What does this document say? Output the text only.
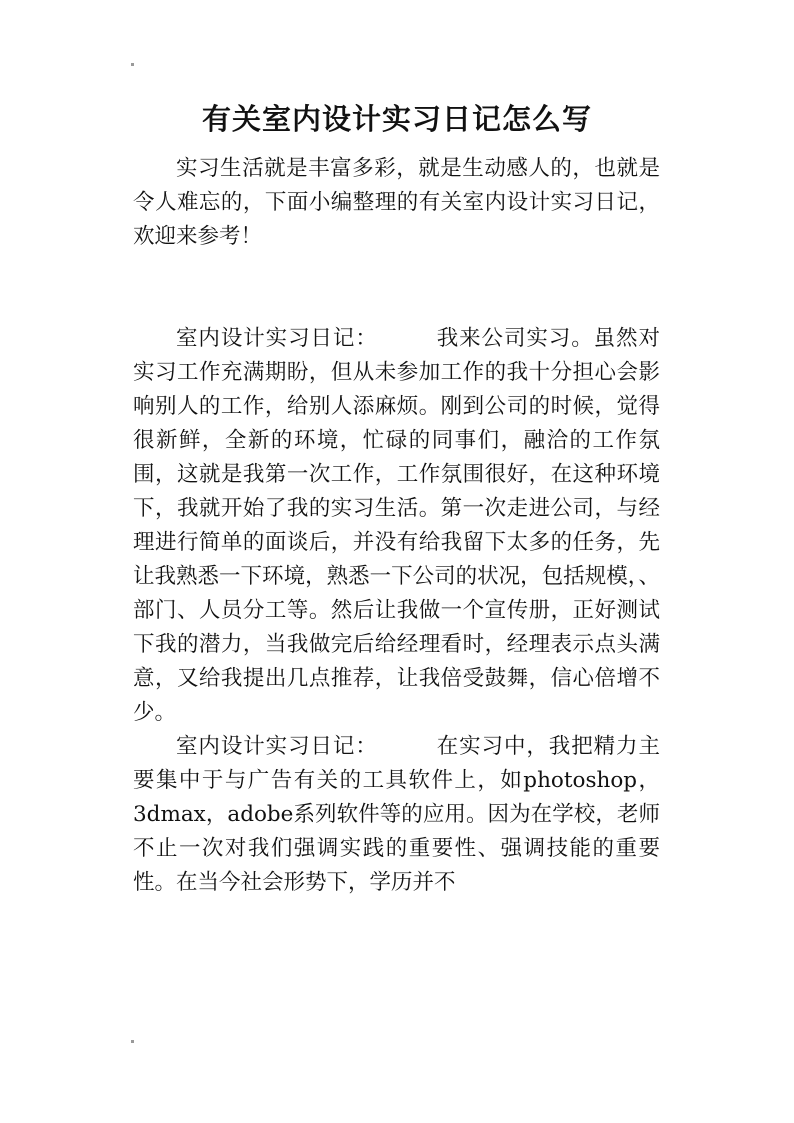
有关室内设计实习日记怎么写

实习生活就是丰富多彩，就是生动感人的，也就是令人难忘的，下面小编整理的有关室内设计实习日记，欢迎来参考！

室内设计实习日记：	我来公司实习。虽然对实习工作充满期盼，但从未参加工作的我十分担心会影响别人的工作，给别人添麻烦。刚到公司的时候，觉得很新鲜，全新的环境，忙碌的同事们，融洽的工作氛围，这就是我第一次工作，工作氛围很好，在这种环境下，我就开始了我的实习生活。第一次走进公司，与经理进行简单的面谈后，并没有给我留下太多的任务，先让我熟悉一下环境，熟悉一下公司的状况，包括规模，、部门、人员分工等。然后让我做一个宣传册，正好测试下我的潜力，当我做完后给经理看时，经理表示点头满意，又给我提出几点推荐，让我倍受鼓舞，信心倍增不少。

室内设计实习日记：	在实习中，我把精力主要集中于与广告有关的工具软件上，如photoshop，3dmax，adobe系列软件等的应用。因为在学校，老师不止一次对我们强调实践的重要性、强调技能的重要性。在当今社会形势下，学历并不
